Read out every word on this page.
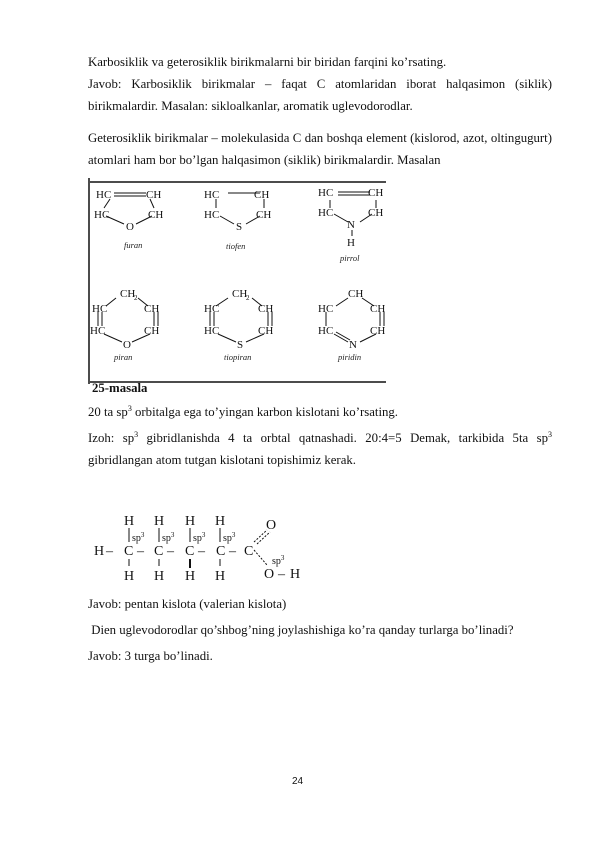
Karbosiklik va geterosiklik birikmalarni bir biridan farqini ko’rsating.

Javob: Karbosiklik birikmalar – faqat C atomlaridan iborat halqasimon (siklik) birikmalardir. Masalan: sikloalkanlar, aromatik uglevodorodlar.

Geterosiklik birikmalar – molekulasida C dan boshqa element (kislorod, azot, oltingugurt) atomlari ham bor bo’lgan halqasimon (siklik) birikmalardir. Masalan

HC	CH
HC	CH
O
HC	CH
HC	CH
S
HC	CH
HC	CH
N
H
CH
2
HC	CH
HC	CH
O
CH
2
HC	CH
HC	CH
S
CH
HC	CH
HC	CH
N
furan	tiofen
pirrol
piran	tiopiran	piridin

25-masala

20 ta $sp^3$ orbitalga ega to’yingan karbon kislotani ko’rsating.

Izoh: $sp^3$ gibridlanishda 4 ta orbtal qatnashadi. 20:4=5 Demak, tarkibida 5ta $sp^3$

gibridlangan atom tutgan kislotani topishimiz kerak.

H – C – C – C – C – C
H H H H
H H H H
O
O – H
$sp^3$ $sp^3$ $sp^3$ $sp^3$
$sp^3$

Javob: pentan kislota (valerian kislota)

Dien uglevodorodlar qo’shbog’ning joylashishiga ko’ra qanday turlarga bo’linadi?

Javob: 3 turga bo’linadi.

24
